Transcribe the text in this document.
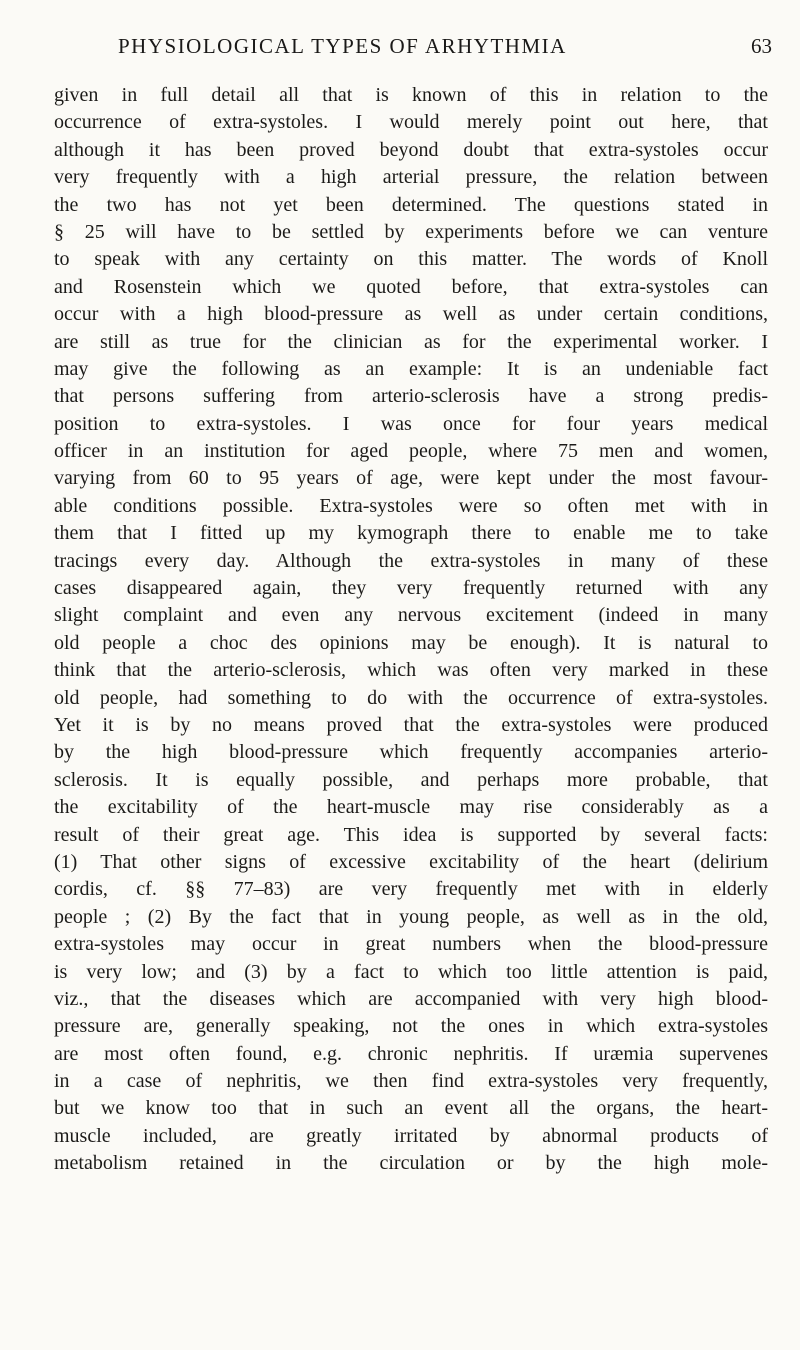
PHYSIOLOGICAL TYPES OF ARHYTHMIA	63
given in full detail all that is known of this in relation to the
occurrence of extra-systoles. I would merely point out here, that
although it has been proved beyond doubt that extra-systoles occur
very frequently with a high arterial pressure, the relation between
the two has not yet been determined. The questions stated in
§ 25 will have to be settled by experiments before we can venture
to speak with any certainty on this matter. The words of Knoll
and Rosenstein which we quoted before, that extra-systoles can
occur with a high blood-pressure as well as under certain conditions,
are still as true for the clinician as for the experimental worker. I
may give the following as an example: It is an undeniable fact
that persons suffering from arterio-sclerosis have a strong predis-
position to extra-systoles. I was once for four years medical
officer in an institution for aged people, where 75 men and women,
varying from 60 to 95 years of age, were kept under the most favour-
able conditions possible. Extra-systoles were so often met with in
them that I fitted up my kymograph there to enable me to take
tracings every day. Although the extra-systoles in many of these
cases disappeared again, they very frequently returned with any
slight complaint and even any nervous excitement (indeed in many
old people a choc des opinions may be enough). It is natural to
think that the arterio-sclerosis, which was often very marked in these
old people, had something to do with the occurrence of extra-systoles.
Yet it is by no means proved that the extra-systoles were produced
by the high blood-pressure which frequently accompanies arterio-
sclerosis. It is equally possible, and perhaps more probable, that
the excitability of the heart-muscle may rise considerably as a
result of their great age. This idea is supported by several facts:
(1) That other signs of excessive excitability of the heart (delirium
cordis, cf. §§ 77–83) are very frequently met with in elderly
people ; (2) By the fact that in young people, as well as in the old,
extra-systoles may occur in great numbers when the blood-pressure
is very low; and (3) by a fact to which too little attention is paid,
viz., that the diseases which are accompanied with very high blood-
pressure are, generally speaking, not the ones in which extra-systoles
are most often found, e.g. chronic nephritis. If uræmia supervenes
in a case of nephritis, we then find extra-systoles very frequently,
but we know too that in such an event all the organs, the heart-
muscle included, are greatly irritated by abnormal products of
metabolism retained in the circulation or by the high mole-
